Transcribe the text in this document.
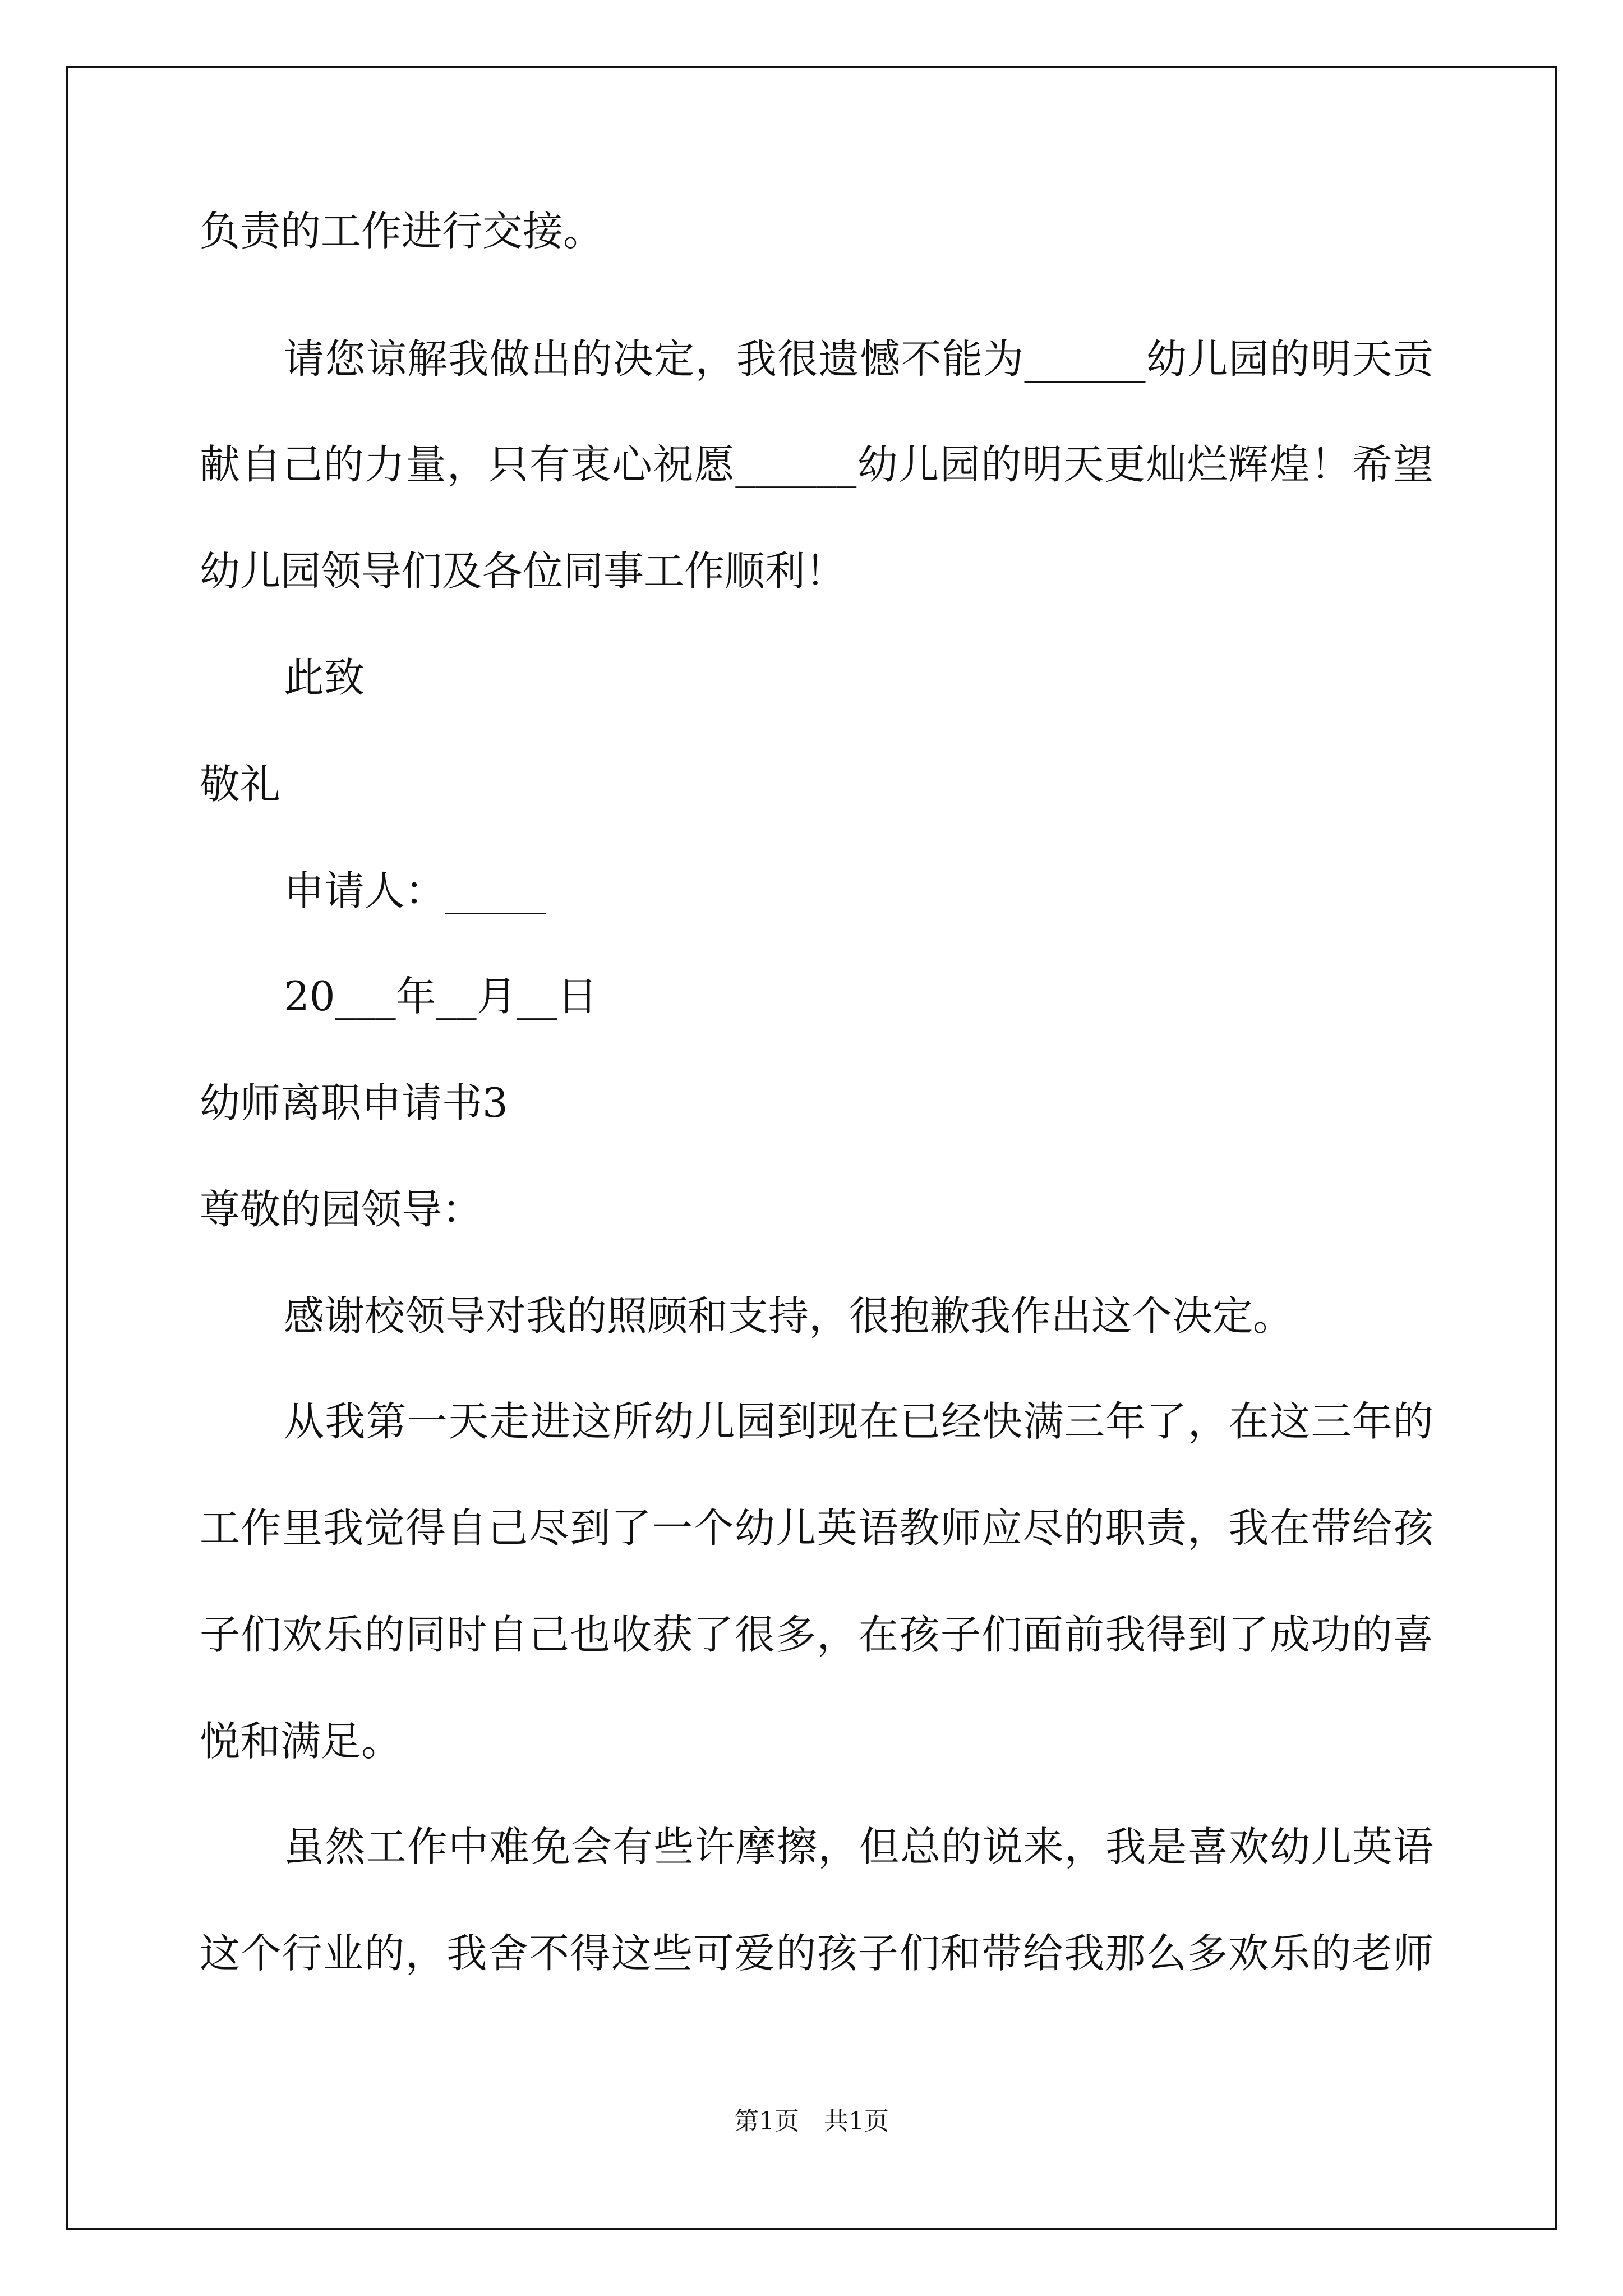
负责的工作进行交接。
请您谅解我做出的决定，我很遗憾不能为______幼儿园的明天贡
献自己的力量，只有衷心祝愿______幼儿园的明天更灿烂辉煌！希望
幼儿园领导们及各位同事工作顺利！
此致
敬礼
申请人：_____
20___年__月__日
幼师离职申请书3
尊敬的园领导：
感谢校领导对我的照顾和支持，很抱歉我作出这个决定。
从我第一天走进这所幼儿园到现在已经快满三年了，在这三年的
工作里我觉得自己尽到了一个幼儿英语教师应尽的职责，我在带给孩
子们欢乐的同时自己也收获了很多，在孩子们面前我得到了成功的喜
悦和满足。
虽然工作中难免会有些许摩擦，但总的说来，我是喜欢幼儿英语
这个行业的，我舍不得这些可爱的孩子们和带给我那么多欢乐的老师
第1页　共1页
